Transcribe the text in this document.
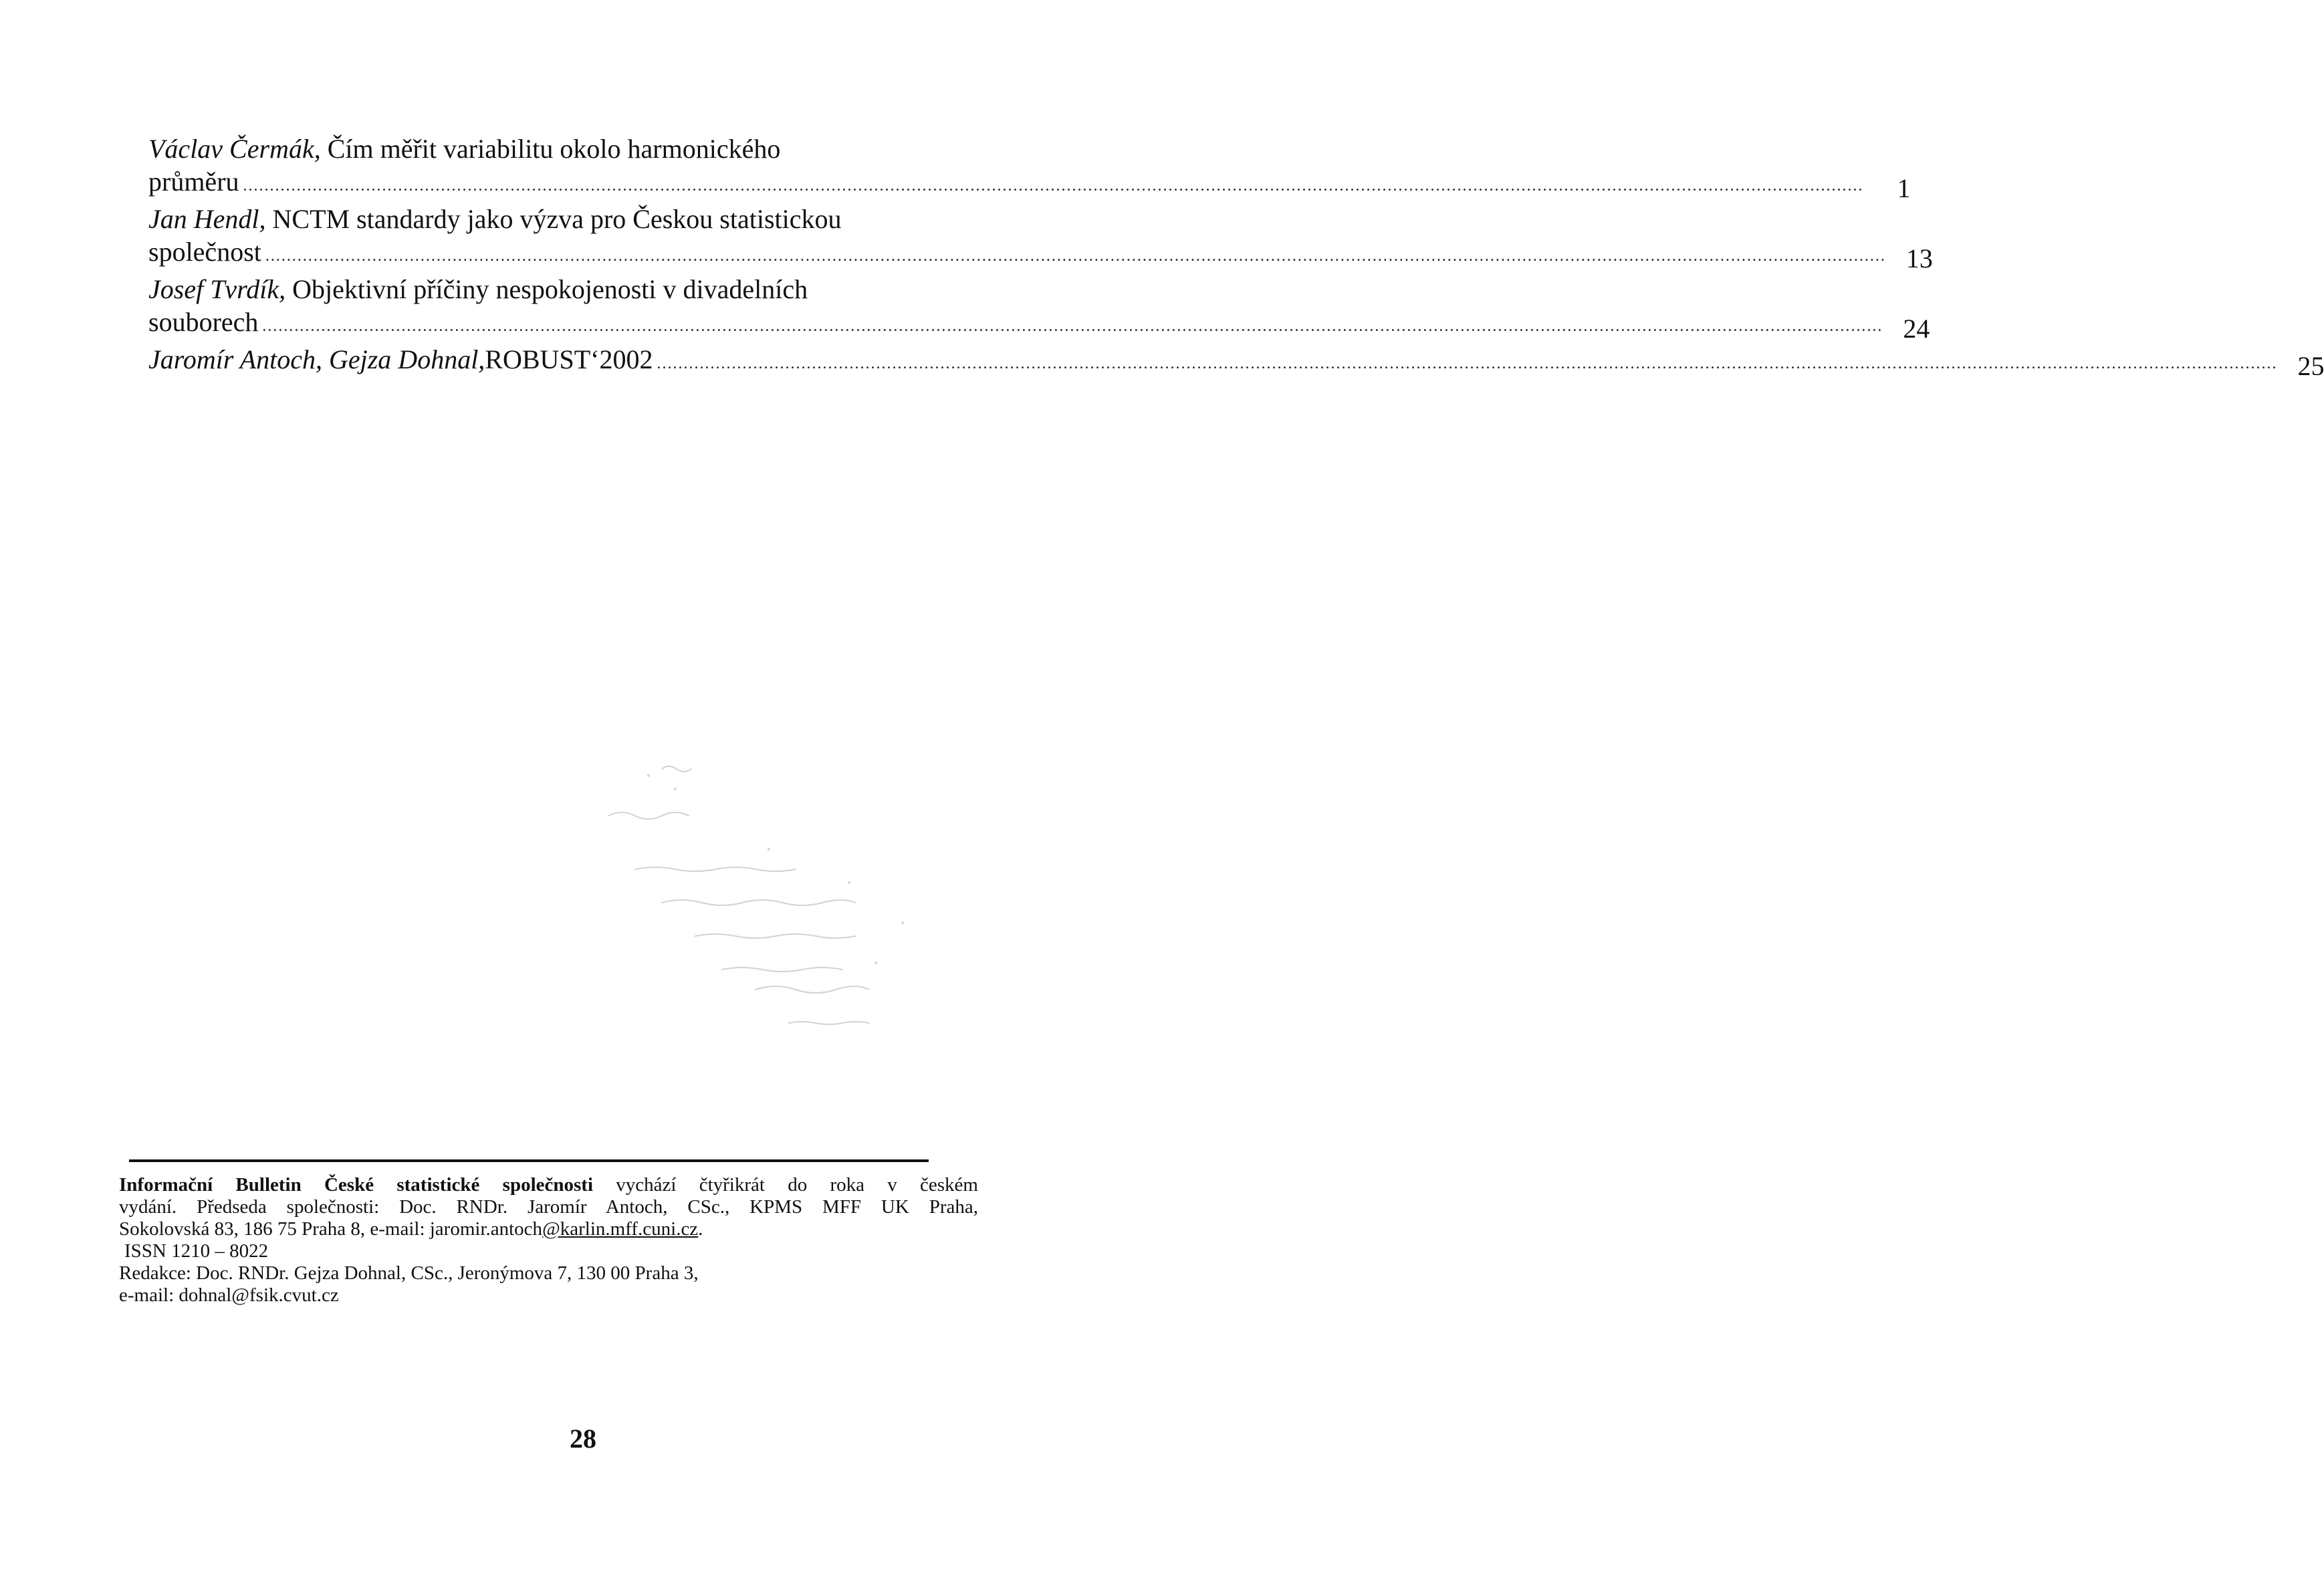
Václav Čermák, Čím měřit variabilitu okolo harmonického
průměru ...............................................................................................................................................................................................................................................................................................................	1
Jan Hendl, NCTM standardy jako výzva pro Českou statistickou
společnost ............................................................................................................................................................................................................................................................................................................... 13
Josef Tvrdík, Objektivní příčiny nespokojenosti v divadelních
souborech ............................................................................................................................................................................................................................................................................................................... 24
Jaromír Antoch, Gejza Dohnal, ROBUST‘2002 ............................................................................................................................................................................................................................................................................................................... 25

Informační Bulletin České statistické společnosti vychází čtyřikrát do roka v českém

vydání. Předseda společnosti: Doc. RNDr. Jaromír Antoch, CSc., KPMS MFF UK Praha,

Sokolovská 83, 186 75 Praha 8, e-mail: jaromir.antoch@karlin.mff.cuni.cz.

ISSN 1210 – 8022

Redakce: Doc. RNDr. Gejza Dohnal, CSc., Jeronýmova 7, 130 00 Praha 3,

e-mail: dohnal@fsik.cvut.cz

28
